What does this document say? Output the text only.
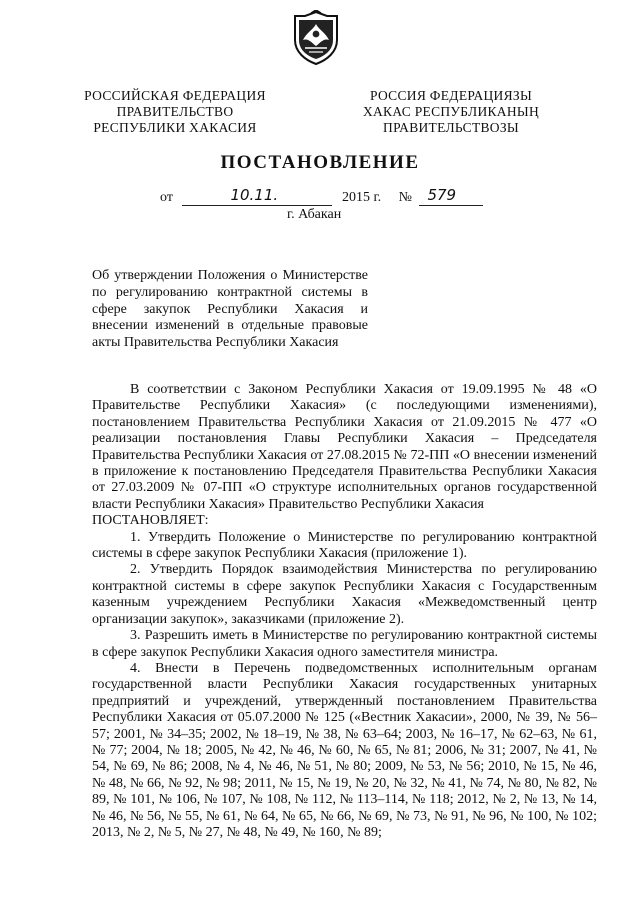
РОССИЙСКАЯ ФЕДЕРАЦИЯ
ПРАВИТЕЛЬСТВО
РЕСПУБЛИКИ ХАКАСИЯ
РОССИЯ ФЕДЕРАЦИЯЗЫ
ХАКАС РЕСПУБЛИКАНЫҢ
ПРАВИТЕЛЬСТВОЗЫ
ПОСТАНОВЛЕНИЕ
от	10.11.	2015 г. № 579
г. Абакан

Об утверждении Положения о Министерстве по регулированию контрактной системы в сфере закупок Республики Хакасия и внесении изменений в отдельные правовые акты Правительства Республики Хакасия

В соответствии с Законом Республики Хакасия от 19.09.1995 № 48 «О Правительстве Республики Хакасия» (с последующими изменениями), постановлением Правительства Республики Хакасия от 21.09.2015 № 477 «О реализации постановления Главы Республики Хакасия – Председателя Правительства Республики Хакасия от 27.08.2015 № 72-ПП «О внесении изменений в приложение к постановлению Председателя Правительства Республики Хакасия от 27.03.2009 № 07-ПП «О структуре исполнительных органов государственной власти Республики Хакасия» Правительство Республики Хакасия

ПОСТАНОВЛЯЕТ:

1. Утвердить Положение о Министерстве по регулированию контрактной системы в сфере закупок Республики Хакасия (приложение 1).

2. Утвердить Порядок взаимодействия Министерства по регулированию контрактной системы в сфере закупок Республики Хакасия с Государственным казенным учреждением Республики Хакасия «Межведомственный центр организации закупок», заказчиками (приложение 2).

3. Разрешить иметь в Министерстве по регулированию контрактной системы в сфере закупок Республики Хакасия одного заместителя министра.

4. Внести в Перечень подведомственных исполнительным органам государственной власти Республики Хакасия государственных унитарных предприятий и учреждений, утвержденный постановлением Правительства Республики Хакасия от 05.07.2000 № 125 («Вестник Хакасии», 2000, № 39, № 56–57; 2001, № 34–35; 2002, № 18–19, № 38, № 63–64; 2003, № 16–17, № 62–63, № 61, № 77; 2004, № 18; 2005, № 42, № 46, № 60, № 65, № 81; 2006, № 31; 2007, № 41, № 54, № 69, № 86; 2008, № 4, № 46, № 51, № 80; 2009, № 53, № 56; 2010, № 15, № 46, № 48, № 66, № 92, № 98; 2011, № 15, № 19, № 20, № 32, № 41, № 74, № 80, № 82, № 89, № 101, № 106, № 107, № 108, № 112, № 113–114, № 118; 2012, № 2, № 13, № 14, № 46, № 56, № 55, № 61, № 64, № 65, № 66, № 69, № 73, № 91, № 96, № 100, № 102; 2013, № 2, № 5, № 27, № 48, № 49, № 160, № 89;
